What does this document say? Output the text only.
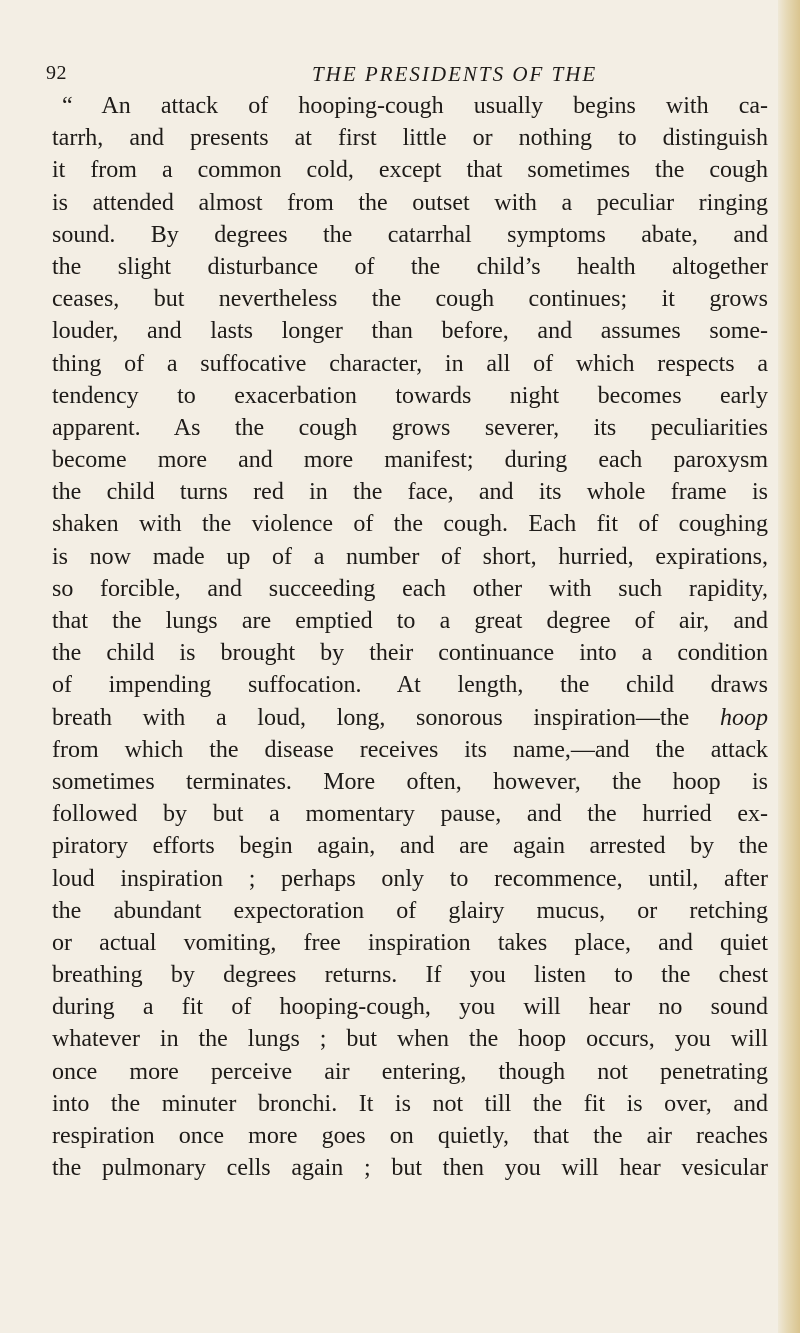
92	THE PRESIDENTS OF THE
“ An attack of hooping-cough usually begins with ca-
tarrh, and presents at first little or nothing to distinguish
it from a common cold, except that sometimes the cough
is attended almost from the outset with a peculiar ringing
sound. By degrees the catarrhal symptoms abate, and
the slight disturbance of the child’s health altogether
ceases, but nevertheless the cough continues; it grows
louder, and lasts longer than before, and assumes some-
thing of a suffocative character, in all of which respects a
tendency to exacerbation towards night becomes early
apparent. As the cough grows severer, its peculiarities
become more and more manifest; during each paroxysm
the child turns red in the face, and its whole frame is
shaken with the violence of the cough. Each fit of coughing
is now made up of a number of short, hurried, expirations,
so forcible, and succeeding each other with such rapidity,
that the lungs are emptied to a great degree of air, and
the child is brought by their continuance into a condition
of impending suffocation. At length, the child draws
breath with a loud, long, sonorous inspiration—the hoop
from which the disease receives its name,—and the attack
sometimes terminates. More often, however, the hoop is
followed by but a momentary pause, and the hurried ex-
piratory efforts begin again, and are again arrested by the
loud inspiration ; perhaps only to recommence, until, after
the abundant expectoration of glairy mucus, or retching
or actual vomiting, free inspiration takes place, and quiet
breathing by degrees returns. If you listen to the chest
during a fit of hooping-cough, you will hear no sound
whatever in the lungs ; but when the hoop occurs, you will
once more perceive air entering, though not penetrating
into the minuter bronchi. It is not till the fit is over, and
respiration once more goes on quietly, that the air reaches
the pulmonary cells again ; but then you will hear vesicular
